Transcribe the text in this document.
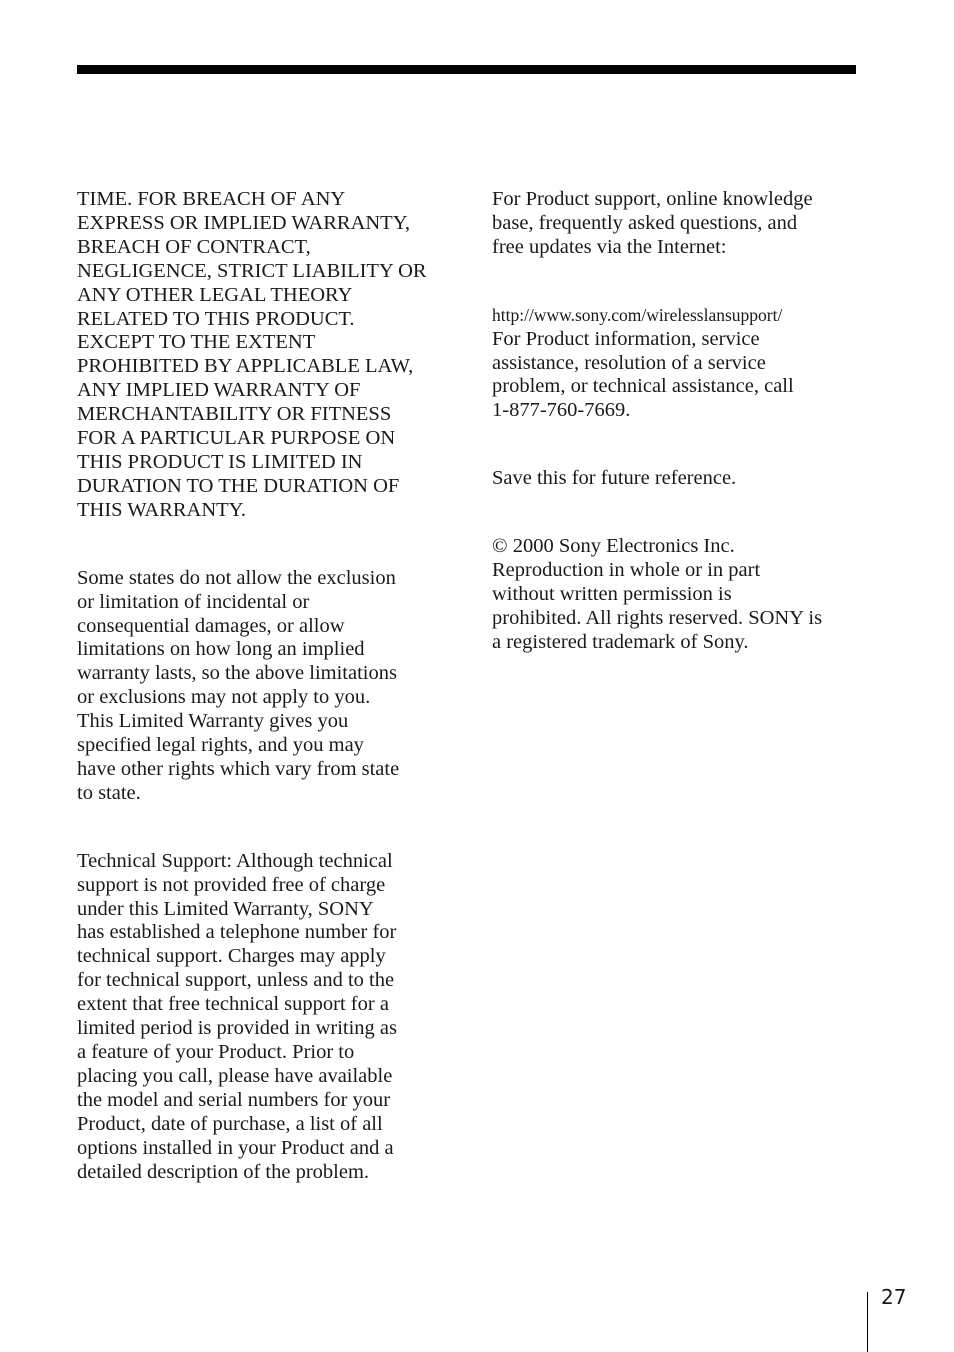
TIME. FOR BREACH OF ANY
EXPRESS OR IMPLIED WARRANTY,
BREACH OF CONTRACT,
NEGLIGENCE, STRICT LIABILITY OR
ANY OTHER LEGAL THEORY
RELATED TO THIS PRODUCT.
EXCEPT TO THE EXTENT
PROHIBITED BY APPLICABLE LAW,
ANY IMPLIED WARRANTY OF
MERCHANTABILITY OR FITNESS
FOR A PARTICULAR PURPOSE ON
THIS PRODUCT IS LIMITED IN
DURATION TO THE DURATION OF
THIS WARRANTY.

Some states do not allow the exclusion
or limitation of incidental or
consequential damages, or allow
limitations on how long an implied
warranty lasts, so the above limitations
or exclusions may not apply to you.
This Limited Warranty gives you
specified legal rights, and you may
have other rights which vary from state
to state.

Technical Support: Although technical
support is not provided free of charge
under this Limited Warranty, SONY
has established a telephone number for
technical support. Charges may apply
for technical support, unless and to the
extent that free technical support for a
limited period is provided in writing as
a feature of your Product. Prior to
placing you call, please have available
the model and serial numbers for your
Product, date of purchase, a list of all
options installed in your Product and a
detailed description of the problem.

For Product support, online knowledge
base, frequently asked questions, and
free updates via the Internet:

http://www.sony.com/wirelesslansupport/

For Product information, service
assistance, resolution of a service
problem, or technical assistance, call
1-877-760-7669.

Save this for future reference.

© 2000 Sony Electronics Inc.
Reproduction in whole or in part
without written permission is
prohibited. All rights reserved. SONY is
a registered trademark of Sony.

27
